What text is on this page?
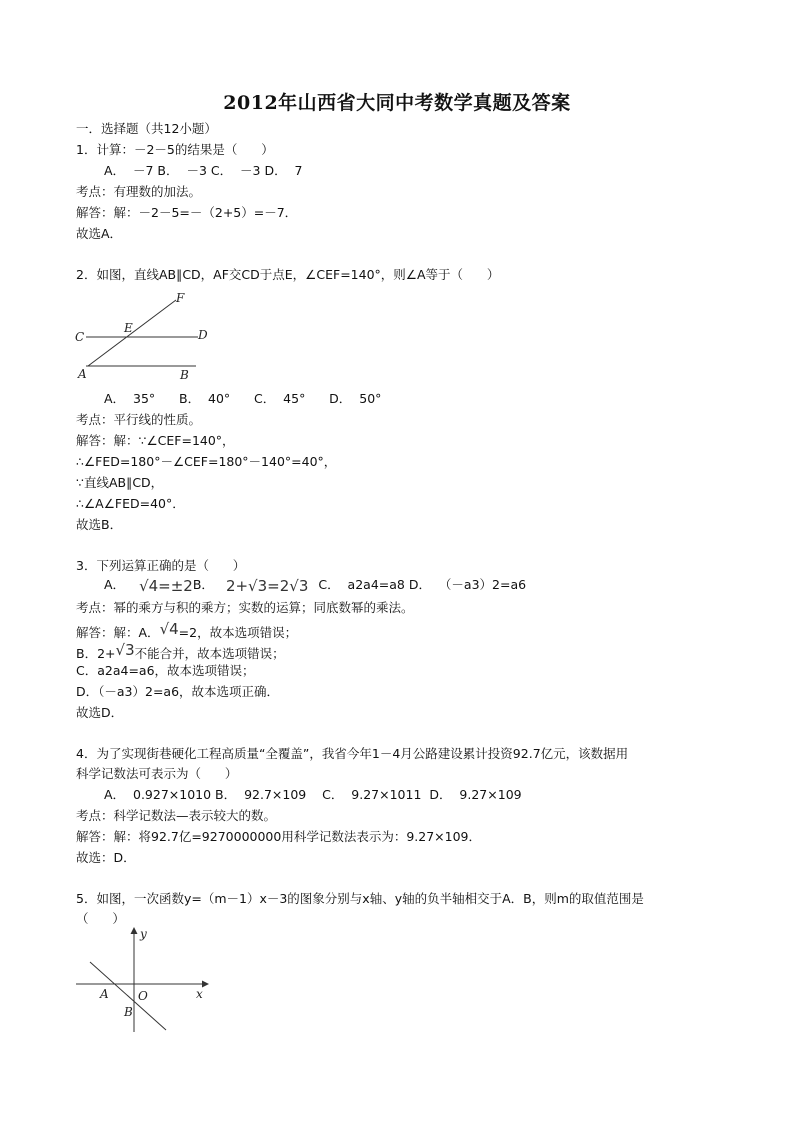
2012年山西省大同中考数学真题及答案
一．选择题（共12小题）
1．计算：－2－5的结果是（      ）
A．  －7 B．  －3 C．  －3 D．  7
考点：有理数的加法。
解答：解：－2－5=－（2+5）=－7．
故选A．
2．如图，直线AB∥CD，AF交CD于点E，∠CEF=140°，则∠A等于（      ）
F
C
E	D
A	B
A．  35°      B．  40°      C．  45°      D．  50°
考点：平行线的性质。
解答：解：∵∠CEF=140°，
∴∠FED=180°－∠CEF=180°－140°=40°，
∵直线AB∥CD，
∴∠A∠FED=40°．
故选B．
3．下列运算正确的是（      ）
A． √4=±2B． 2+√3=2√3 C．  a2a4=a8 D．  （－a3）2=a6
考点：幂的乘方与积的乘方；实数的运算；同底数幂的乘法。
解答：解：A．√4=2，故本选项错误；
B．2+√3不能合并，故本选项错误；
C．a2a4=a6，故本选项错误；
D．（－a3）2=a6，故本选项正确．
故选D．
4．为了实现街巷硬化工程高质量“全覆盖”，我省今年1－4月公路建设累计投资92.7亿元，该数据用
科学记数法可表示为（      ）
A．  0.927×1010 B．  92.7×109    C．  9.27×1011  D．  9.27×109
考点：科学记数法—表示较大的数。
解答：解：将92.7亿=9270000000用科学记数法表示为：9.27×109．
故选：D．
5．如图，一次函数y=（m－1）x－3的图象分别与x轴、y轴的负半轴相交于A．B，则m的取值范围是
（      ）
y
x
A O
B
